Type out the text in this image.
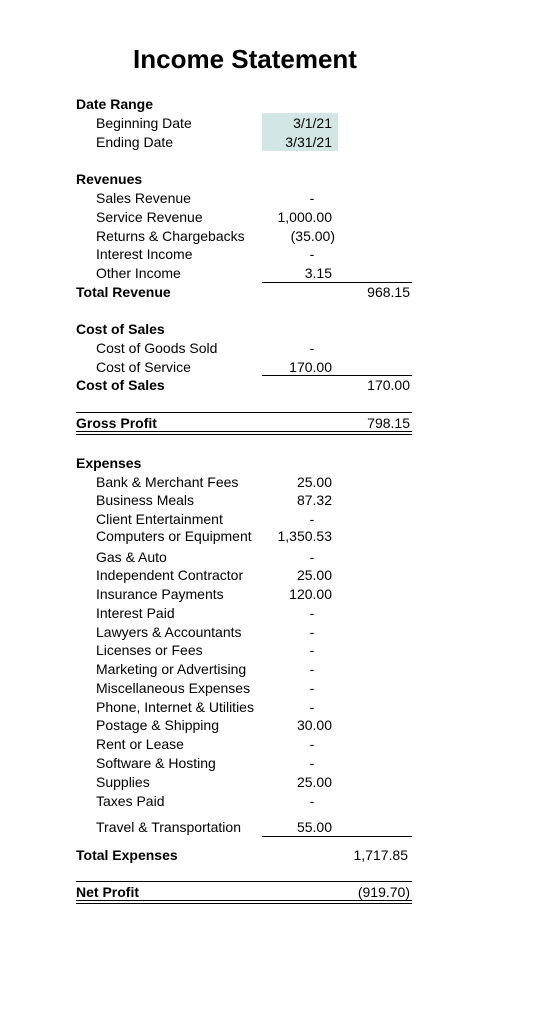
Income Statement
Date Range
Beginning Date	3/1/21
Ending Date	3/31/21
Revenues
Sales Revenue	-
Service Revenue	1,000.00
Returns & Chargebacks	(35.00)
Interest Income	-
Other Income	3.15
Total Revenue	968.15
Cost of Sales
Cost of Goods Sold	-
Cost of Service	170.00
Cost of Sales	170.00
Gross Profit	798.15
Expenses
Bank & Merchant Fees	25.00
Business Meals	87.32
Client Entertainment	-
Computers or Equipment	1,350.53
Gas & Auto	-
Independent Contractor	25.00
Insurance Payments	120.00
Interest Paid	-
Lawyers & Accountants	-
Licenses or Fees	-
Marketing or Advertising	-
Miscellaneous Expenses	-
Phone, Internet & Utilities	-
Postage & Shipping	30.00
Rent or Lease	-
Software & Hosting	-
Supplies	25.00
Taxes Paid	-
Travel & Transportation	55.00
Total Expenses	1,717.85
Net Profit	(919.70)
